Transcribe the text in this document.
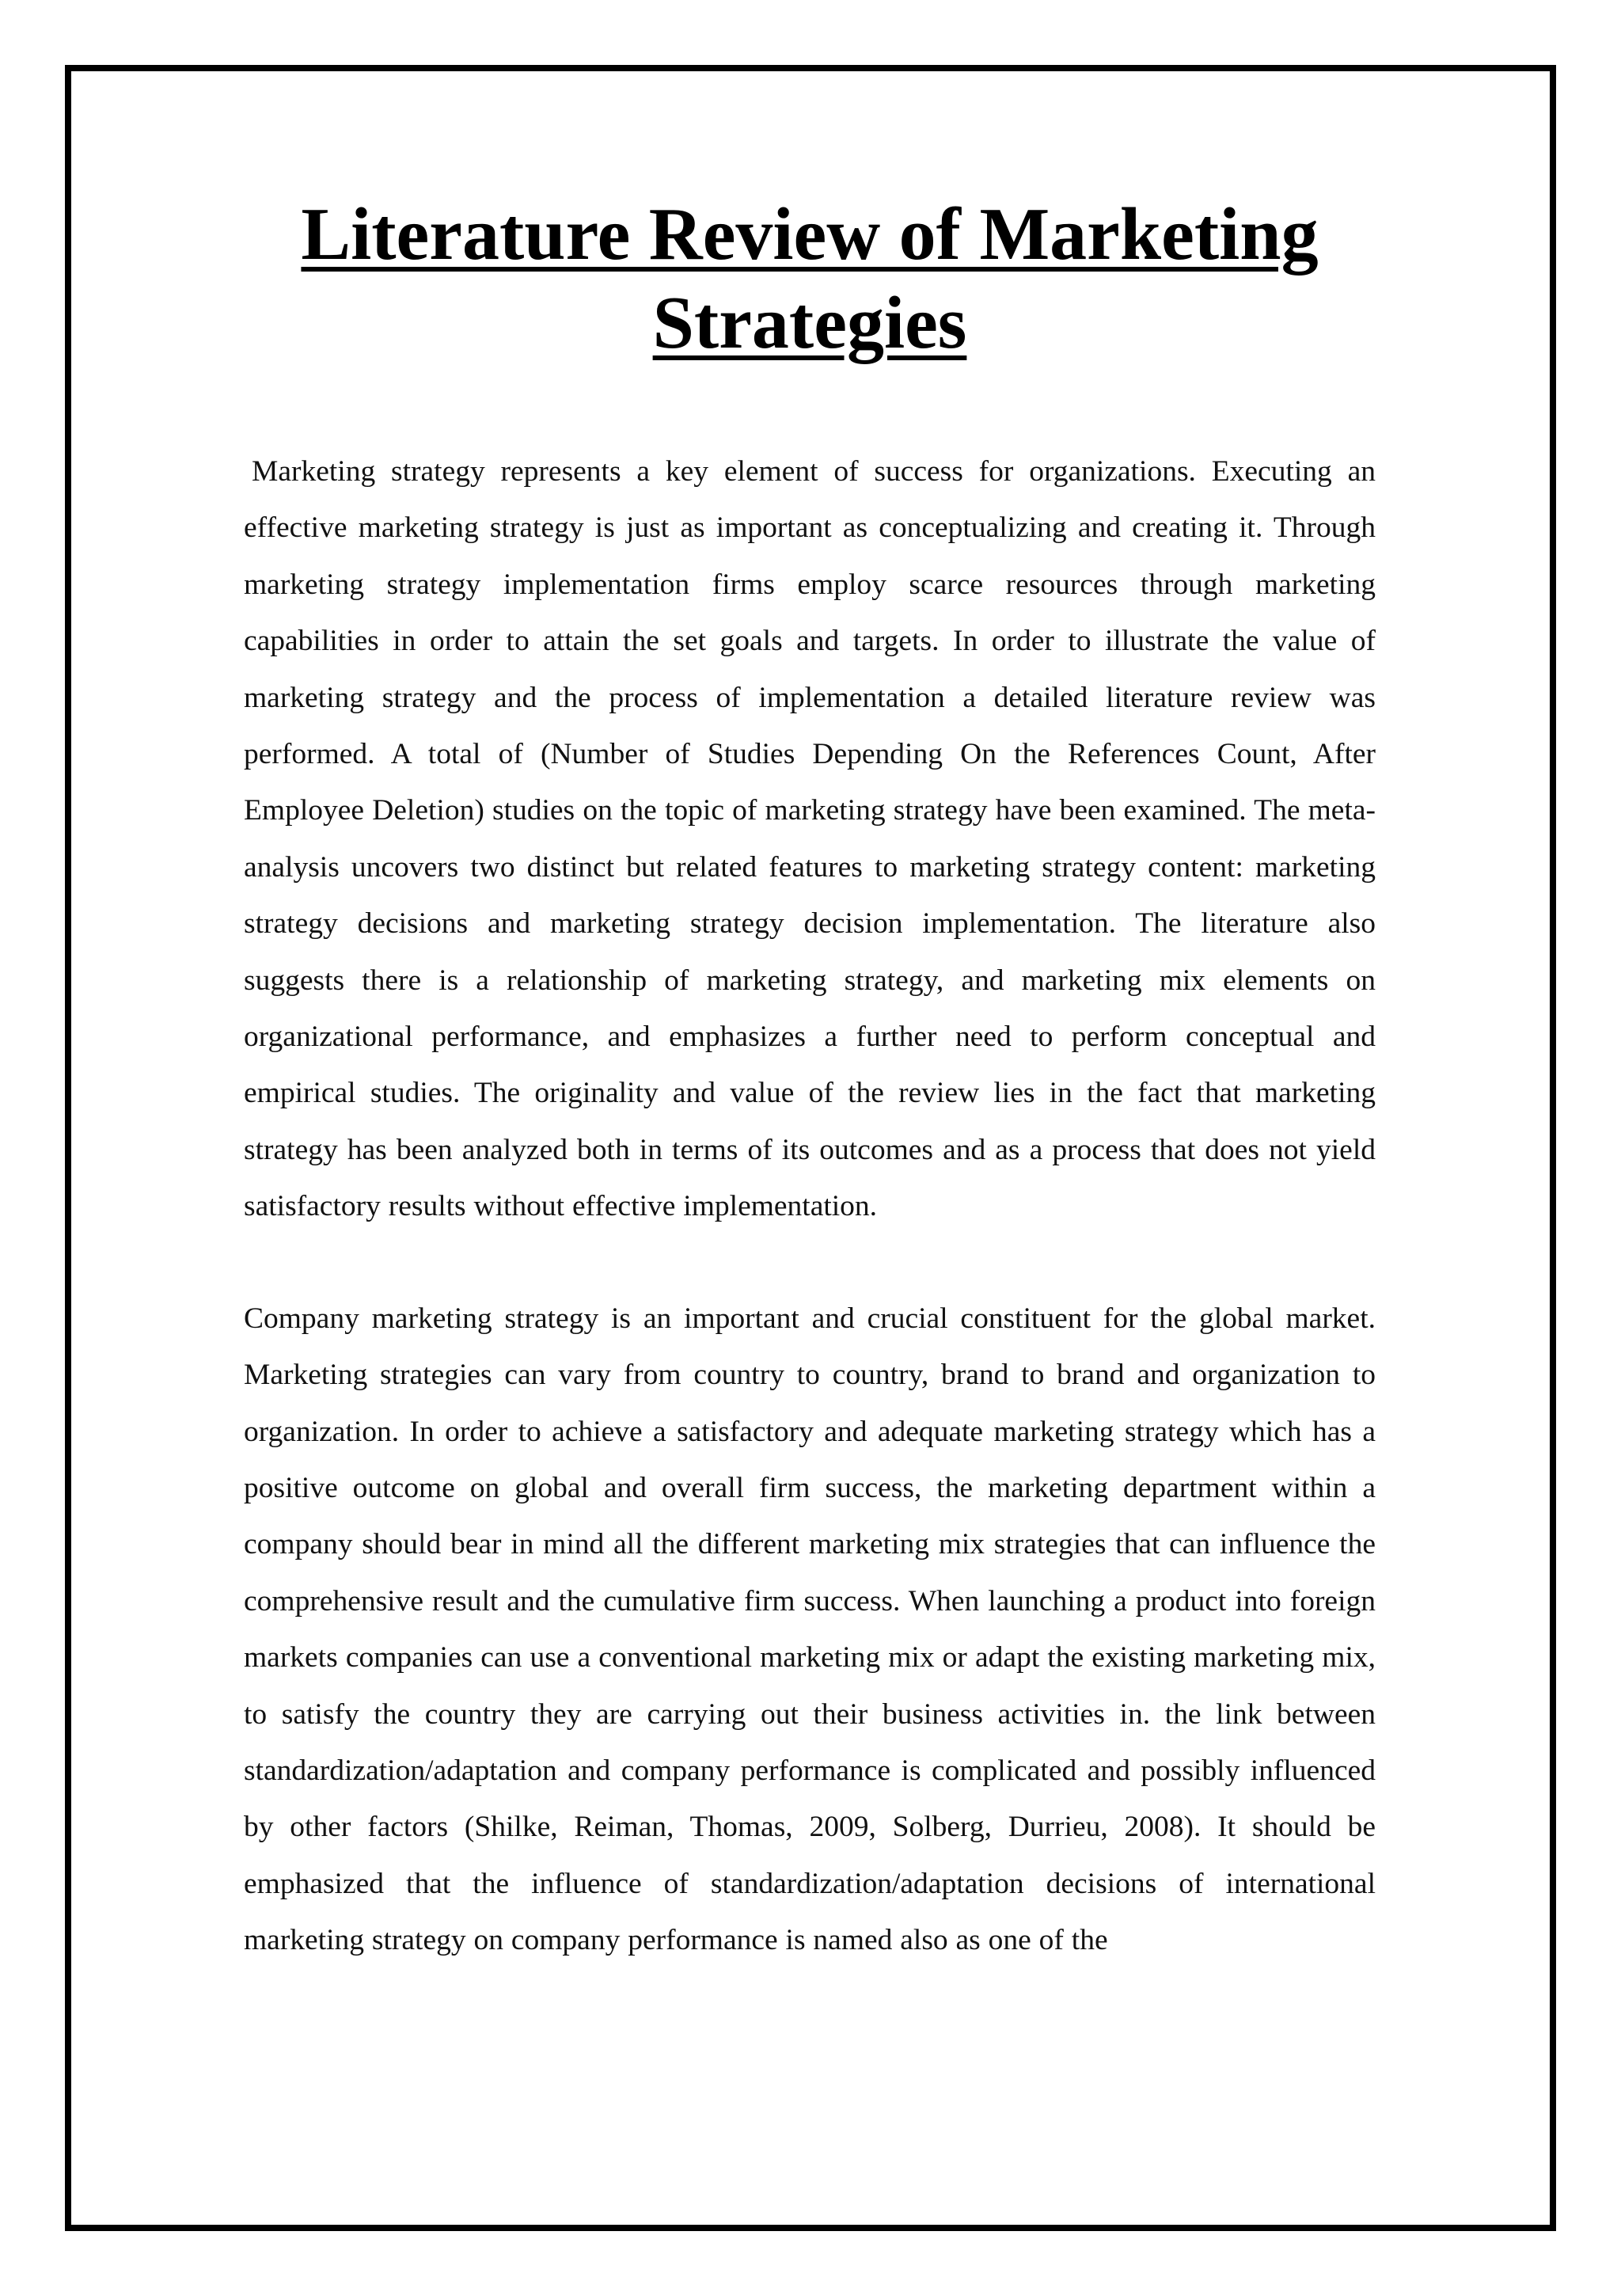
Literature Review of Marketing
Strategies

Marketing strategy represents a key element of success for organizations. Executing an effective marketing strategy is just as important as conceptualizing and creating it. Through marketing strategy implementation firms employ scarce resources through marketing capabilities in order to attain the set goals and targets. In order to illustrate the value of marketing strategy and the process of implementation a detailed literature review was performed. A total of (Number of Studies Depending On the References Count, After Employee Deletion) studies on the topic of marketing strategy have been examined. The meta-analysis uncovers two distinct but related features to marketing strategy content: marketing strategy decisions and marketing strategy decision implementation. The literature also suggests there is a relationship of marketing strategy, and marketing mix elements on organizational performance, and emphasizes a further need to perform conceptual and empirical studies. The originality and value of the review lies in the fact that marketing strategy has been analyzed both in terms of its outcomes and as a process that does not yield satisfactory results without effective implementation.

Company marketing strategy is an important and crucial constituent for the global market. Marketing strategies can vary from country to country, brand to brand and organization to organization. In order to achieve a satisfactory and adequate marketing strategy which has a positive outcome on global and overall firm success, the marketing department within a company should bear in mind all the different marketing mix strategies that can influence the comprehensive result and the cumulative firm success. When launching a product into foreign markets companies can use a conventional marketing mix or adapt the existing marketing mix, to satisfy the country they are carrying out their business activities in. the link between standardization/adaptation and company performance is complicated and possibly influenced by other factors (Shilke, Reiman, Thomas, 2009, Solberg, Durrieu, 2008). It should be emphasized that the influence of standardization/adaptation decisions of international marketing strategy on company performance is named also as one of the
